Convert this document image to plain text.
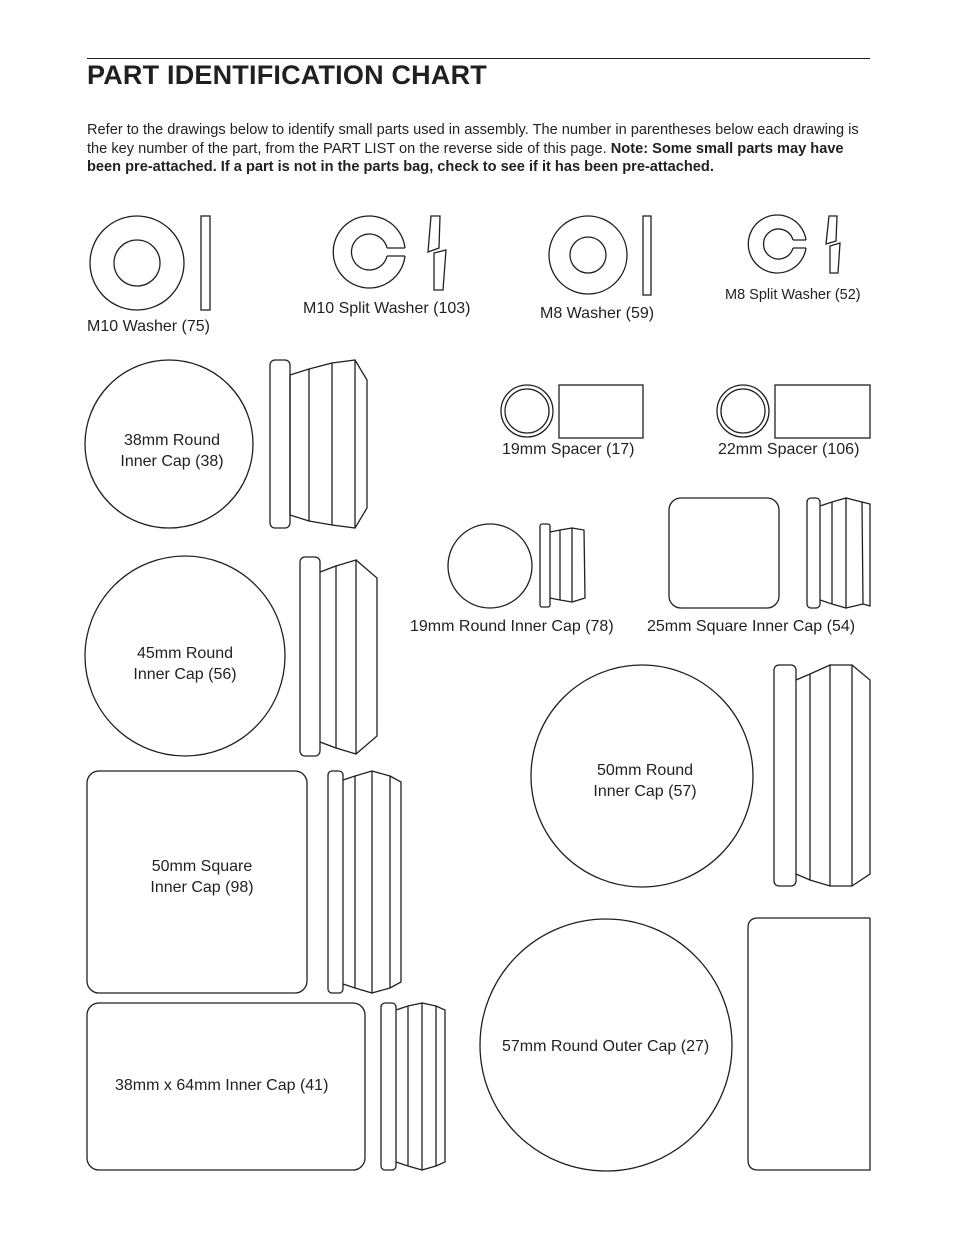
PART IDENTIFICATION CHART

Refer to the drawings below to identify small parts used in assembly. The number in parentheses below each drawing is the key number of the part, from the PART LIST on the reverse side of this page. Note: Some small parts may have been pre-attached. If a part is not in the parts bag, check to see if it has been pre-attached.

M10 Washer (75)
M10 Split Washer (103)	M8 Washer (59)
M8 Split Washer (52)
38mm Round
Inner Cap (38)
19mm Spacer (17)	22mm Spacer (106)
19mm Round Inner Cap (78) 25mm Square Inner Cap (54)
45mm Round
Inner Cap (56)
50mm Round
Inner Cap (57)
50mm Square
Inner Cap (98)
38mm x 64mm Inner Cap (41)
57mm Round Outer Cap (27)
